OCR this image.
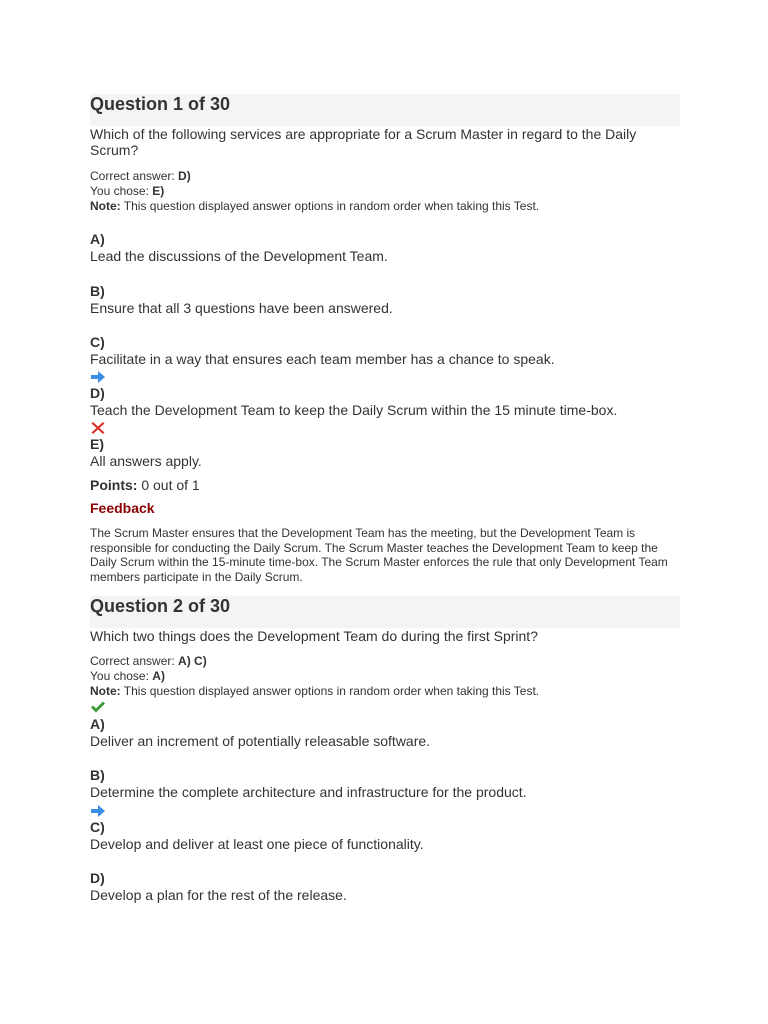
Question 1 of 30
Which of the following services are appropriate for a Scrum Master in regard to the Daily Scrum?
Correct answer: D)
You chose: E)
Note: This question displayed answer options in random order when taking this Test.
A)
Lead the discussions of the Development Team.
B)
Ensure that all 3 questions have been answered.
C)
Facilitate in a way that ensures each team member has a chance to speak.
D)
Teach the Development Team to keep the Daily Scrum within the 15 minute time-box.
E)
All answers apply.
Points: 0 out of 1
Feedback
The Scrum Master ensures that the Development Team has the meeting, but the Development Team is responsible for conducting the Daily Scrum. The Scrum Master teaches the Development Team to keep the Daily Scrum within the 15-minute time-box. The Scrum Master enforces the rule that only Development Team members participate in the Daily Scrum.
Question 2 of 30
Which two things does the Development Team do during the first Sprint?
Correct answer: A) C)
You chose: A)
Note: This question displayed answer options in random order when taking this Test.
A)
Deliver an increment of potentially releasable software.
B)
Determine the complete architecture and infrastructure for the product.
C)
Develop and deliver at least one piece of functionality.
D)
Develop a plan for the rest of the release.
